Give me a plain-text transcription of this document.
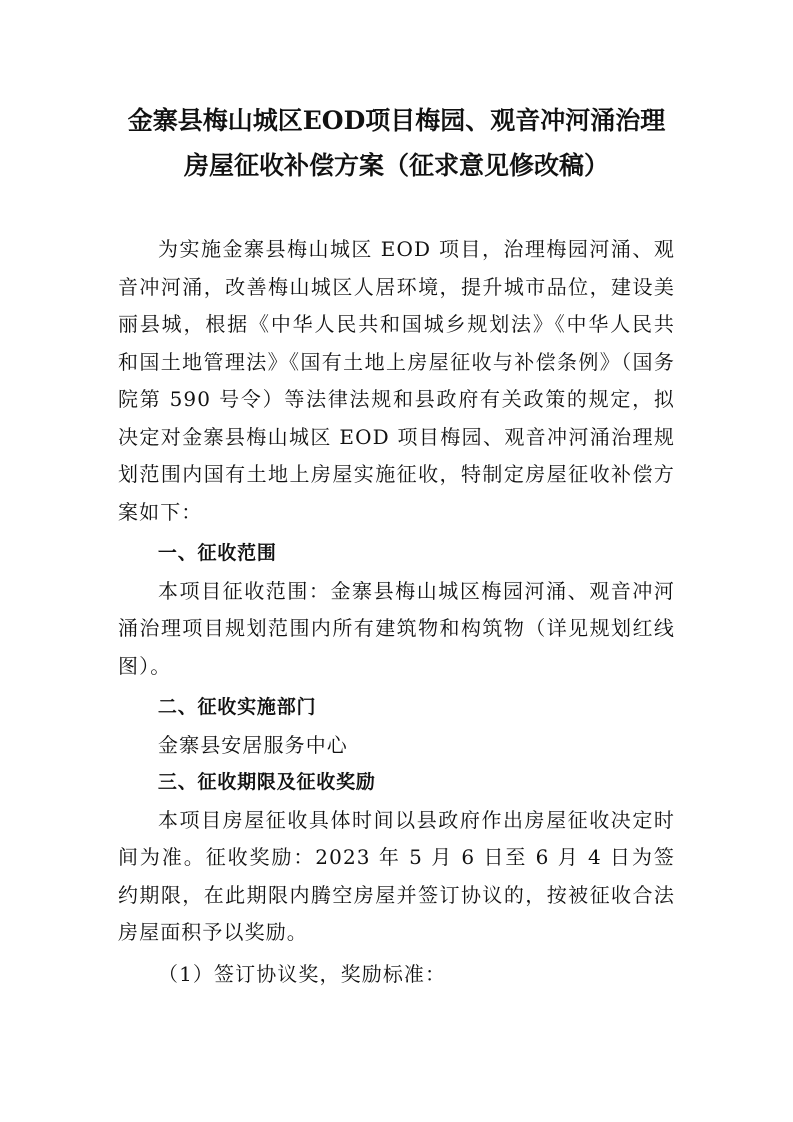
金寨县梅山城区EOD项目梅园、观音冲河涌治理
房屋征收补偿方案（征求意见修改稿）

为实施金寨县梅山城区 EOD 项目，治理梅园河涌、观音冲河涌，改善梅山城区人居环境，提升城市品位，建设美丽县城，根据《中华人民共和国城乡规划法》《中华人民共和国土地管理法》《国有土地上房屋征收与补偿条例》（国务院第 590 号令）等法律法规和县政府有关政策的规定，拟决定对金寨县梅山城区 EOD 项目梅园、观音冲河涌治理规划范围内国有土地上房屋实施征收，特制定房屋征收补偿方案如下：

一、征收范围

本项目征收范围：金寨县梅山城区梅园河涌、观音冲河涌治理项目规划范围内所有建筑物和构筑物（详见规划红线图）。

二、征收实施部门

金寨县安居服务中心

三、征收期限及征收奖励

本项目房屋征收具体时间以县政府作出房屋征收决定时间为准。征收奖励：2023 年 5 月 6 日至 6 月 4 日为签约期限，在此期限内腾空房屋并签订协议的，按被征收合法房屋面积予以奖励。

（1）签订协议奖，奖励标准：
